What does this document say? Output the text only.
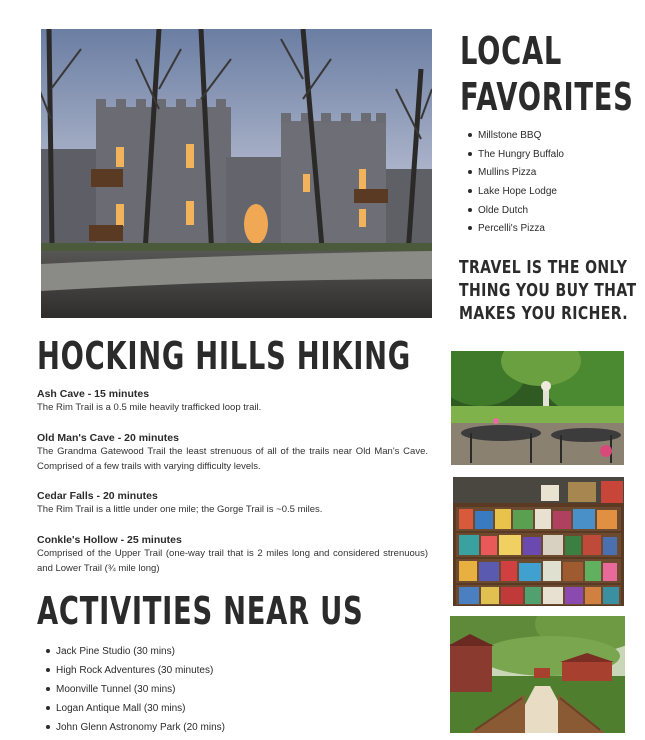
LOCAL
FAVORITES
Millstone BBQ
The Hungry Buffalo
Mullins Pizza
Lake Hope Lodge
Olde Dutch
Percelli's Pizza
TRAVEL IS THE ONLY
THING YOU BUY THAT
MAKES YOU RICHER.
HOCKING HILLS HIKING
Ash Cave - 15 minutes
The Rim Trail is a 0.5 mile heavily trafficked loop trail.
Old Man's Cave - 20 minutes
The Grandma Gatewood Trail the least strenuous of all of the trails near Old Man's Cave. Comprised of a few trails with varying difficulty levels.
Cedar Falls - 20 minutes
The Rim Trail is a little under one mile; the Gorge Trail is ~0.5 miles.
Conkle's Hollow - 25 minutes
Comprised of the Upper Trail (one-way trail that is 2 miles long and considered strenuous) and Lower Trail (¾ mile long)
ACTIVITIES NEAR US
Jack Pine Studio (30 mins)
High Rock Adventures (30 minutes)
Moonville Tunnel (30 mins)
Logan Antique Mall (30 mins)
John Glenn Astronomy Park (20 mins)
